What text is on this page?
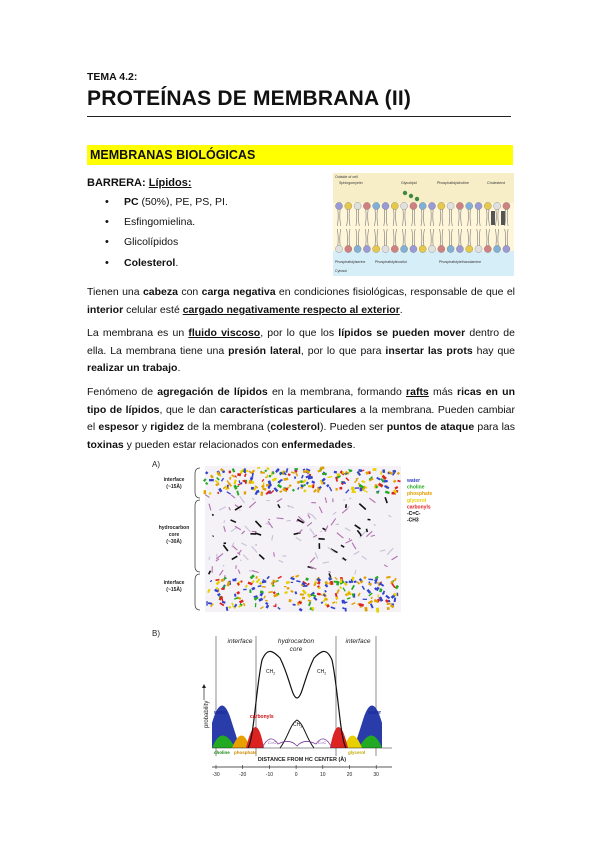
TEMA 4.2:
PROTEÍNAS DE MEMBRANA (II)
MEMBRANAS BIOLÓGICAS
BARRERA: Lípidos:
• PC (50%), PE, PS, PI.
• Esfingomielina.
• Glicolípidos
• Colesterol.
Outside of cell
Sphingomyelin	Glycolipid	Phosphatidylcholine	Cholesterol
Phosphatidylserine	Phosphatidylinositol	Phosphatidylethanolamine
Cytosol
Tienen una cabeza con carga negativa en condiciones fisiológicas, responsable de que el interior celular esté cargado negativamente respecto al exterior.
La membrana es un fluido viscoso, por lo que los lípidos se pueden mover dentro de ella. La membrana tiene una presión lateral, por lo que para insertar las prots hay que realizar un trabajo.
Fenómeno de agregación de lípidos en la membrana, formando rafts más ricas en un tipo de lípidos, que le dan características particulares a la membrana. Pueden cambiar el espesor y rigidez de la membrana (colesterol). Pueden ser puntos de ataque para las toxinas y pueden estar relacionados con enfermedades.
A)
interface
(~15Å)
hydrocarbon
core
(~30Å)
interface
(~15Å)
water
choline
phosphate
glycerol
carbonyls
-C=C-
-CH3
B)
interface	hydrocarbon
core
interface
$CH_2$	$CH_2$
$CH_3$
water	water
carbonyls
choline phosphate	glycerol
C=C	C=C
probability
DISTANCE FROM HC CENTER (Å)
-30	-20	-10	0	10	20	30
